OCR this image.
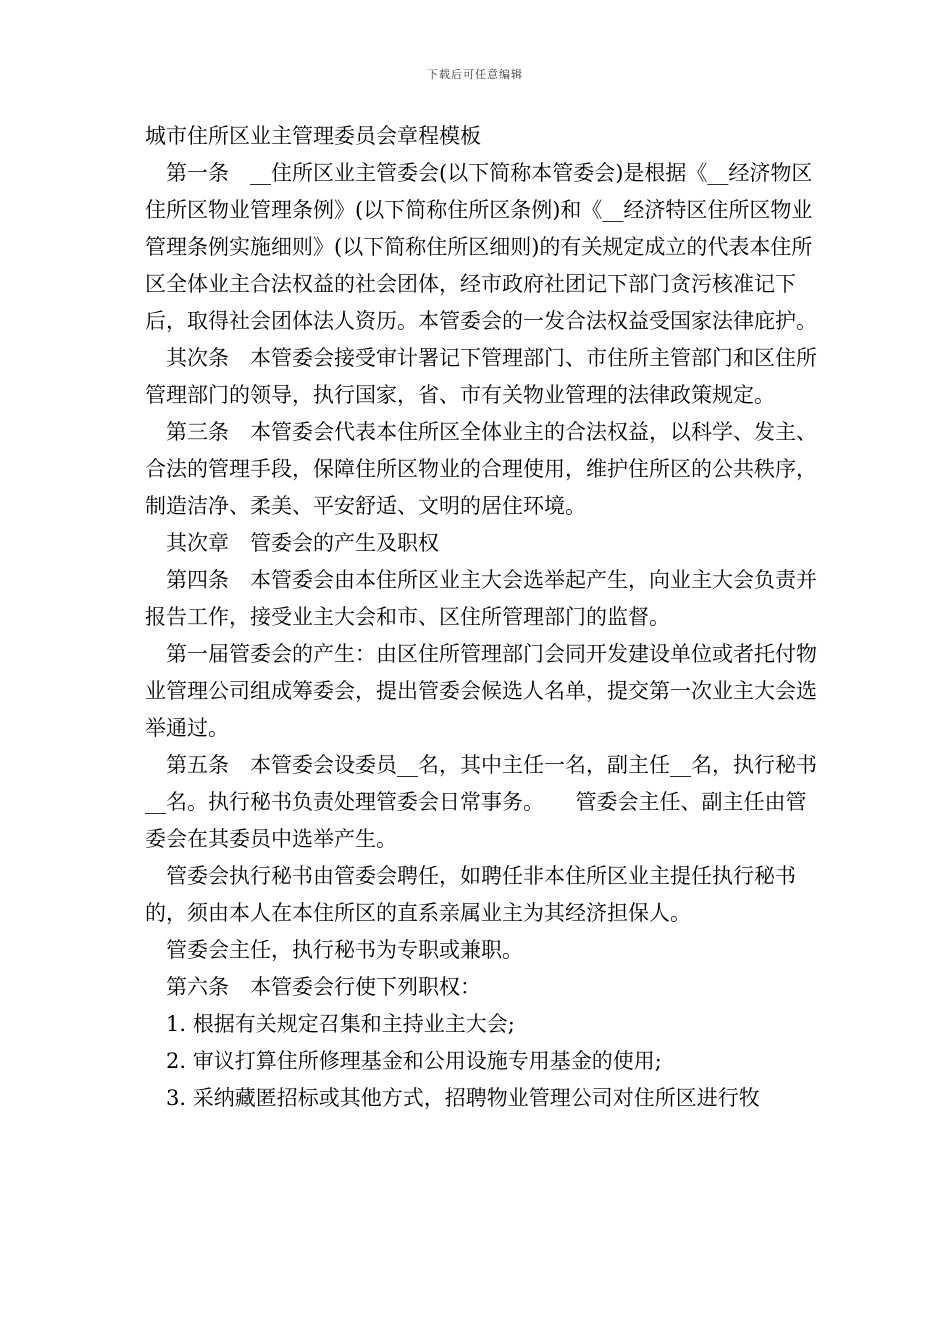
下载后可任意编辑
城市住所区业主管理委员会章程模板

第一条　__住所区业主管委会(以下简称本管委会)是根据《__经济物区住所区物业管理条例》(以下简称住所区条例)和《__经济特区住所区物业管理条例实施细则》(以下简称住所区细则)的有关规定成立的代表本住所区全体业主合法权益的社会团体，经市政府社团记下部门贪污核准记下后，取得社会团体法人资历。本管委会的一发合法权益受国家法律庇护。

其次条　本管委会接受审计署记下管理部门、市住所主管部门和区住所管理部门的领导，执行国家，省、市有关物业管理的法律政策规定。

第三条　本管委会代表本住所区全体业主的合法权益，以科学、发主、合法的管理手段，保障住所区物业的合理使用，维护住所区的公共秩序，制造洁净、柔美、平安舒适、文明的居住环境。

其次章　管委会的产生及职权

第四条　本管委会由本住所区业主大会选举起产生，向业主大会负责并报告工作，接受业主大会和市、区住所管理部门的监督。

第一届管委会的产生：由区住所管理部门会同开发建设单位或者托付物业管理公司组成筹委会，提出管委会候选人名单，提交第一次业主大会选举通过。

第五条　本管委会设委员__名，其中主任一名，副主任__名，执行秘书__名。执行秘书负责处理管委会日常事务。　　管委会主任、副主任由管委会在其委员中选举产生。

管委会执行秘书由管委会聘任，如聘任非本住所区业主提任执行秘书的，须由本人在本住所区的直系亲属业主为其经济担保人。

管委会主任，执行秘书为专职或兼职。

第六条　本管委会行使下列职权：

1. 根据有关规定召集和主持业主大会;

2. 审议打算住所修理基金和公用设施专用基金的使用;

3. 采纳藏匿招标或其他方式，招聘物业管理公司对住所区进行牧
